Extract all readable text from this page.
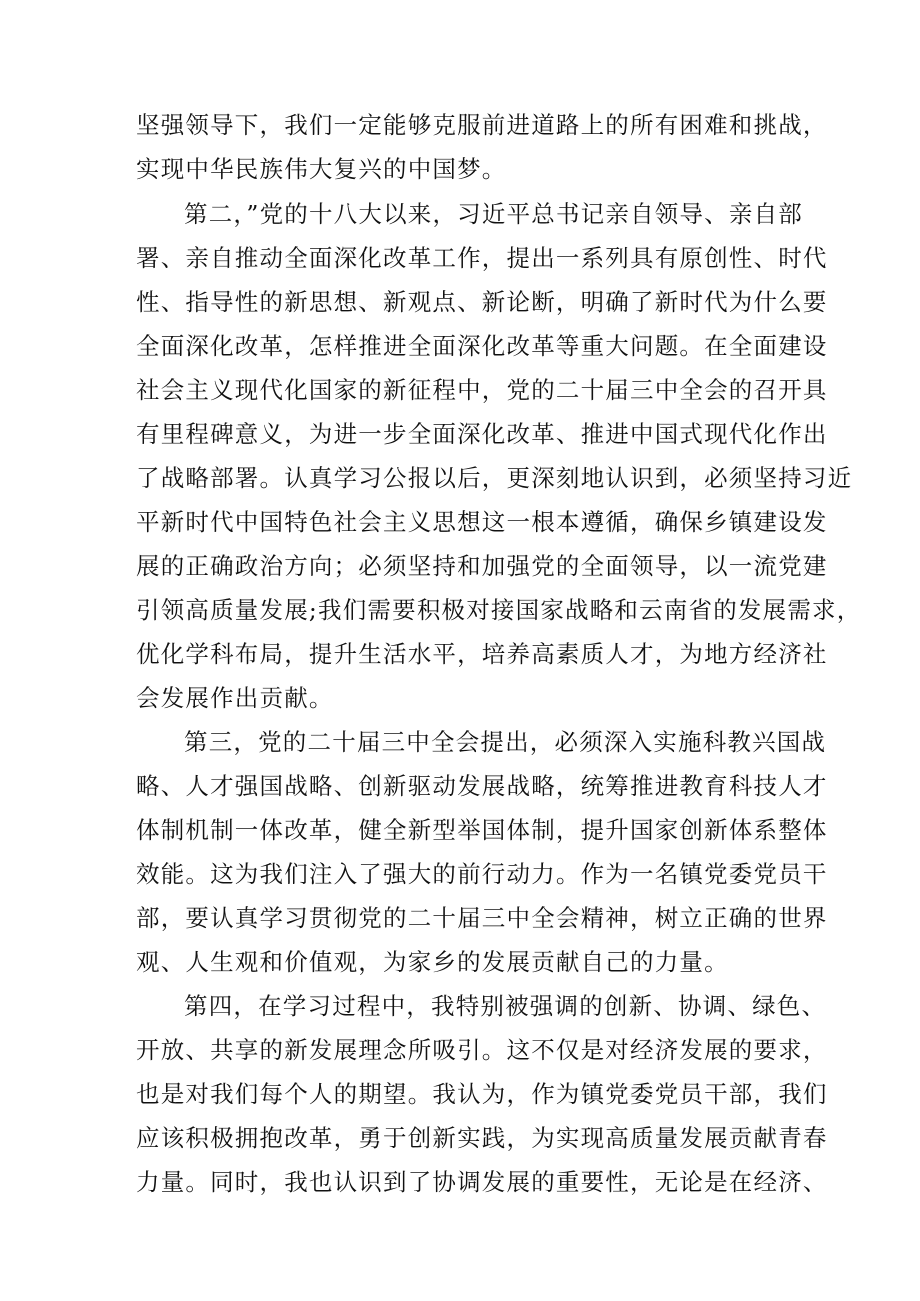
坚强领导下，我们一定能够克服前进道路上的所有困难和挑战，
实现中华民族伟大复兴的中国梦。
第二，”党的十八大以来，习近平总书记亲自领导、亲自部
署、亲自推动全面深化改革工作，提出一系列具有原创性、时代
性、指导性的新思想、新观点、新论断，明确了新时代为什么要
全面深化改革，怎样推进全面深化改革等重大问题。在全面建设
社会主义现代化国家的新征程中，党的二十届三中全会的召开具
有里程碑意义，为进一步全面深化改革、推进中国式现代化作出
了战略部署。认真学习公报以后，更深刻地认识到，必须坚持习近
平新时代中国特色社会主义思想这一根本遵循，确保乡镇建设发
展的正确政治方向；必须坚持和加强党的全面领导，以一流党建
引领高质量发展;我们需要积极对接国家战略和云南省的发展需求，
优化学科布局，提升生活水平，培养高素质人才，为地方经济社
会发展作出贡献。
第三，党的二十届三中全会提出，必须深入实施科教兴国战
略、人才强国战略、创新驱动发展战略，统筹推进教育科技人才
体制机制一体改革，健全新型举国体制，提升国家创新体系整体
效能。这为我们注入了强大的前行动力。作为一名镇党委党员干
部，要认真学习贯彻党的二十届三中全会精神，树立正确的世界
观、人生观和价值观，为家乡的发展贡献自己的力量。
第四，在学习过程中，我特别被强调的创新、协调、绿色、
开放、共享的新发展理念所吸引。这不仅是对经济发展的要求，
也是对我们每个人的期望。我认为，作为镇党委党员干部，我们
应该积极拥抱改革，勇于创新实践，为实现高质量发展贡献青春
力量。同时，我也认识到了协调发展的重要性，无论是在经济、
